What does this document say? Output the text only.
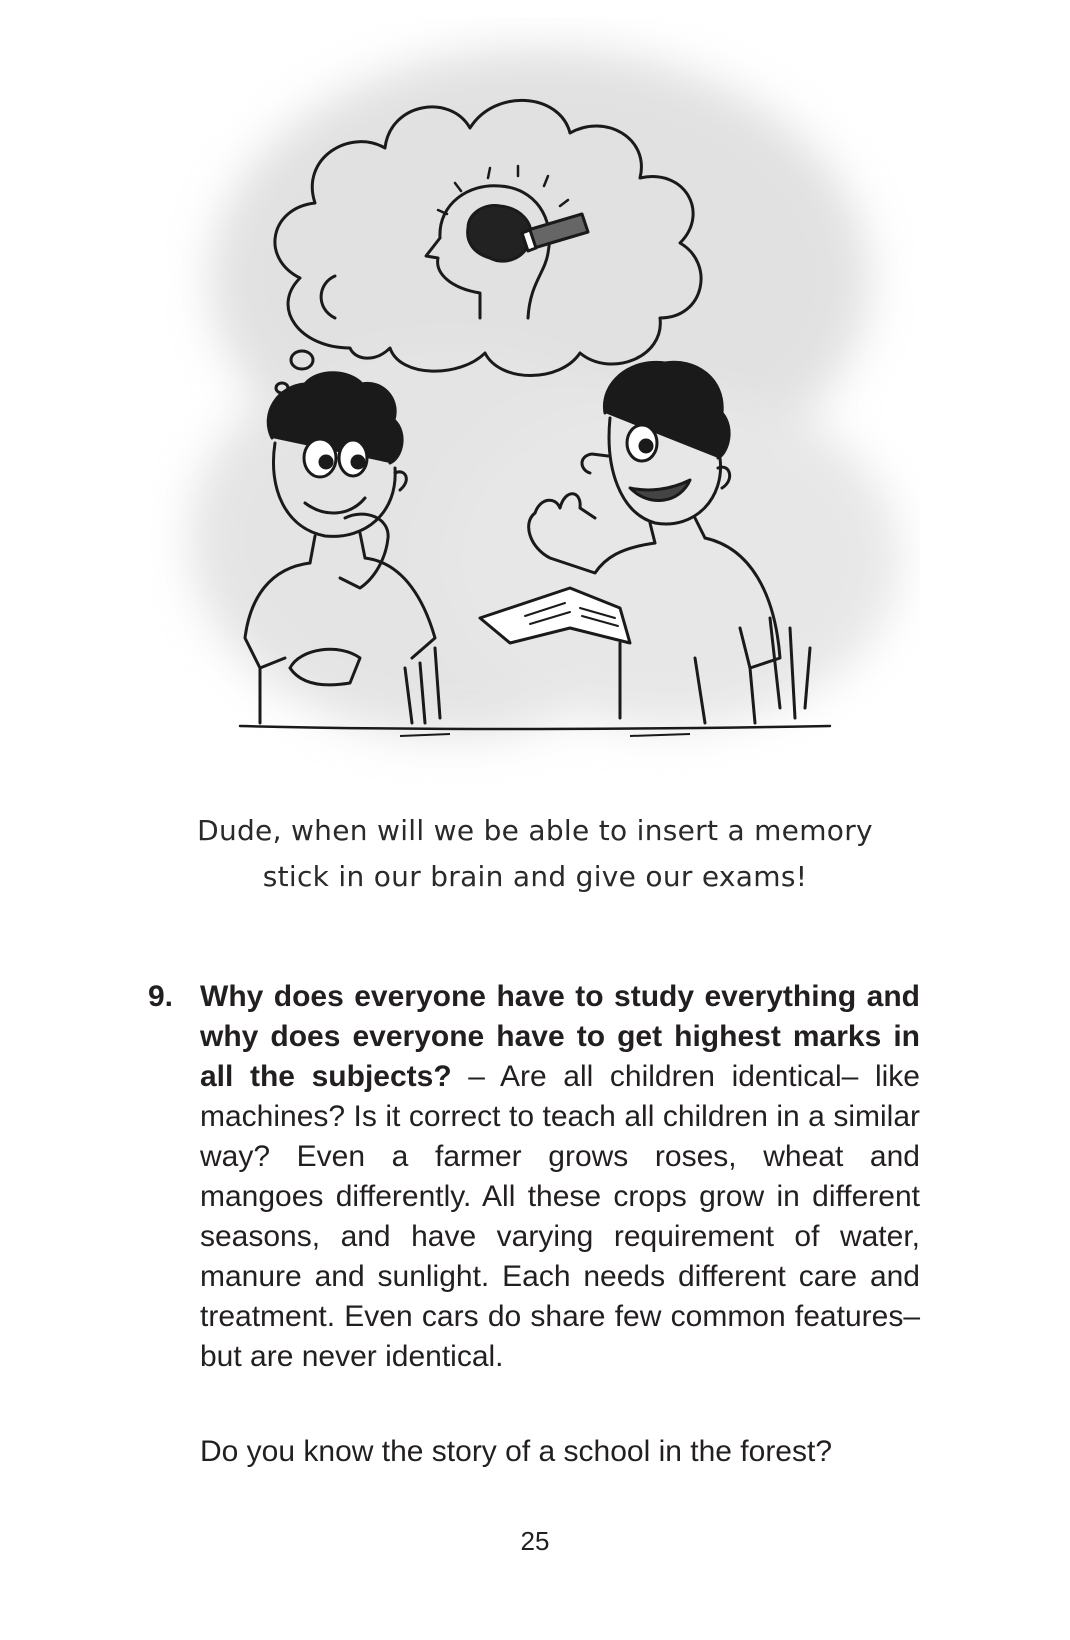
Dude, when will we be able to insert a memory
stick in our brain and give our exams!
9. Why does everyone have to study everything and why does everyone have to get highest marks in all the subjects? – Are all children identical– like machines? Is it correct to teach all children in a similar way? Even a farmer grows roses, wheat and mangoes differently. All these crops grow in different seasons, and have varying requirement of water, manure and sunlight. Each needs different care and treatment. Even cars do share few common features– but are never identical.
Do you know the story of a school in the forest?
25
